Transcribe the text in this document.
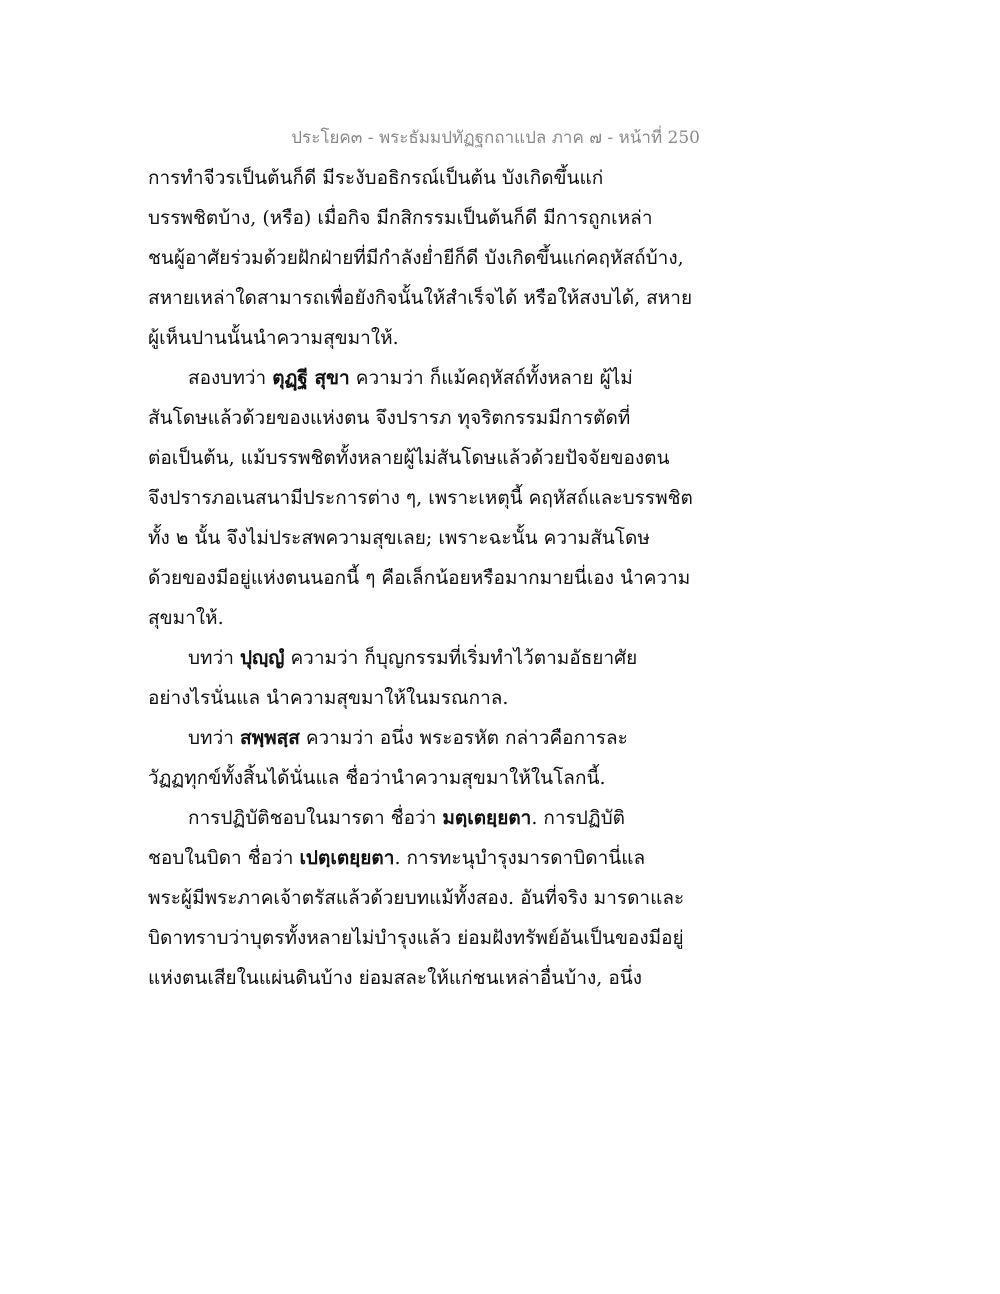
ประโยค๓ - พระธัมมปทัฏฐกถาแปล ภาค ๗ - หน้าที่ 250
การทำจีวรเป็นต้นก็ดี มีระงับอธิกรณ์เป็นต้น บังเกิดขึ้นแก่
บรรพชิตบ้าง, (หรือ) เมื่อกิจ มีกสิกรรมเป็นต้นก็ดี มีการถูกเหล่า
ชนผู้อาศัยร่วมด้วยฝักฝ่ายที่มีกำลังย่ำยีก็ดี บังเกิดขึ้นแก่คฤหัสถ์บ้าง,
สหายเหล่าใดสามารถเพื่อยังกิจนั้นให้สำเร็จได้ หรือให้สงบได้, สหาย
ผู้เห็นปานนั้นนำความสุขมาให้.
สองบทว่า ตุฏฺฐี สุขา ความว่า ก็แม้คฤหัสถ์ทั้งหลาย ผู้ไม่
สันโดษแล้วด้วยของแห่งตน จึงปรารภ ทุจริตกรรมมีการตัดที่
ต่อเป็นต้น, แม้บรรพชิตทั้งหลายผู้ไม่สันโดษแล้วด้วยปัจจัยของตน
จึงปรารภอเนสนามีประการต่าง ๆ, เพราะเหตุนี้ คฤหัสถ์และบรรพชิต
ทั้ง ๒ นั้น จึงไม่ประสพความสุขเลย; เพราะฉะนั้น ความสันโดษ
ด้วยของมีอยู่แห่งตนนอกนี้ ๆ คือเล็กน้อยหรือมากมายนี่เอง นำความ
สุขมาให้.
บทว่า ปุญฺญํ ความว่า ก็บุญกรรมที่เริ่มทำไว้ตามอัธยาศัย
อย่างไรนั่นแล นำความสุขมาให้ในมรณกาล.
บทว่า สพฺพสฺส ความว่า อนึ่ง พระอรหัต กล่าวคือการละ
วัฏฏทุกข์ทั้งสิ้นได้นั่นแล ชื่อว่านำความสุขมาให้ในโลกนี้.
การปฏิบัติชอบในมารดา ชื่อว่า มตฺเตยฺยตา. การปฏิบัติ
ชอบในบิดา ชื่อว่า เปตฺเตยฺยตา. การทะนุบำรุงมารดาบิดานี่แล
พระผู้มีพระภาคเจ้าตรัสแล้วด้วยบทแม้ทั้งสอง. อันที่จริง มารดาและ
บิดาทราบว่าบุตรทั้งหลายไม่บำรุงแล้ว ย่อมฝังทรัพย์อันเป็นของมีอยู่
แห่งตนเสียในแผ่นดินบ้าง ย่อมสละให้แก่ชนเหล่าอื่นบ้าง, อนึ่ง
